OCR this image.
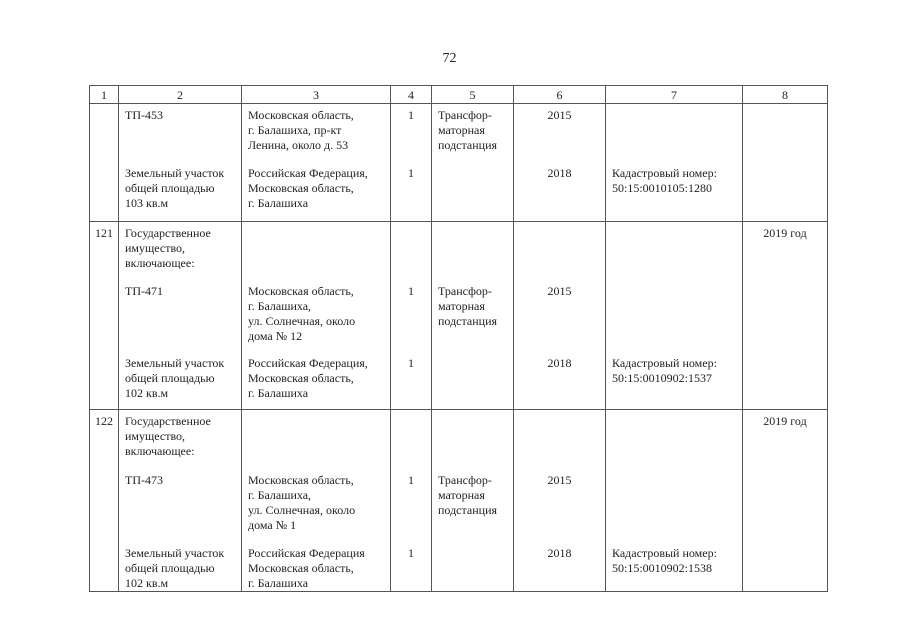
72
1	2	3	4	5	6	7	8
	ТП-453	Московская область,
г. Балашиха, пр-кт
Ленина, около д. 53	1	Трансфор-
маторная
подстанция	2015		
	Земельный участок
общей площадью
103 кв.м	Российская Федерация,
Московская область,
г. Балашиха	1		2018	Кадастровый номер:
50:15:0010105:1280	
121	Государственное
имущество,
включающее:						2019 год
	ТП-471	Московская область,
г. Балашиха,
ул. Солнечная, около
дома № 12	1	Трансфор-
маторная
подстанция	2015		
	Земельный участок
общей площадью
102 кв.м	Российская Федерация,
Московская область,
г. Балашиха	1		2018	Кадастровый номер:
50:15:0010902:1537	
122	Государственное
имущество,
включающее:						2019 год
	ТП-473	Московская область,
г. Балашиха,
ул. Солнечная, около
дома № 1	1	Трансфор-
маторная
подстанция	2015		
	Земельный участок
общей площадью
102 кв.м	Российская Федерация
Московская область,
г. Балашиха	1		2018	Кадастровый номер:
50:15:0010902:1538	
